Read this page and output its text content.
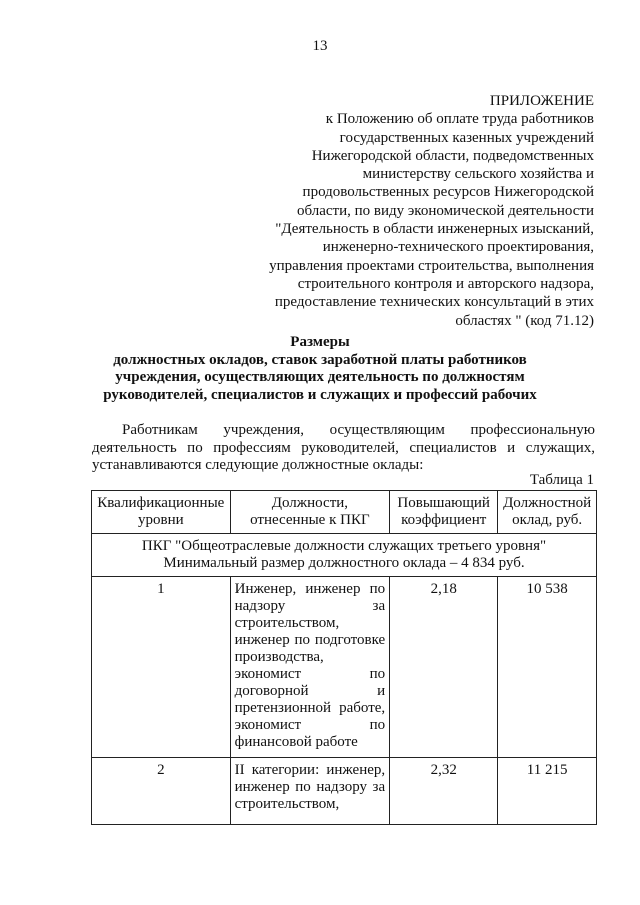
13
ПРИЛОЖЕНИЕ
к Положению об оплате труда работников
государственных казенных учреждений
Нижегородской области, подведомственных
министерству сельского хозяйства и
продовольственных ресурсов Нижегородской
области, по виду экономической деятельности
"Деятельность в области инженерных изысканий,
инженерно-технического проектирования,
управления проектами строительства, выполнения
строительного контроля и авторского надзора,
предоставление технических консультаций в этих
областях " (код 71.12)
Размеры
должностных окладов, ставок заработной платы работников
учреждения, осуществляющих деятельность по должностям
руководителей, специалистов и служащих и профессий рабочих
Работникам учреждения, осуществляющим профессиональную
деятельность по профессиям руководителей, специалистов и служащих,
устанавливаются следующие должностные оклады:
Таблица 1
Квалификационные уровни	Должности, отнесенные к ПКГ	Повышающий коэффициент	Должностной оклад, руб.

ПКГ "Общеотраслевые должности служащих третьего уровня"
Минимальный размер должностного оклада – 4 834 руб.			

1	Инженер, инженер по надзору за строительством, инженер по подготовке производства, экономист по договорной и претензионной работе, экономист по финансовой работе	2,18	10 538
2	II категории: инженер, инженер по надзору за строительством,	2,32	11 215
